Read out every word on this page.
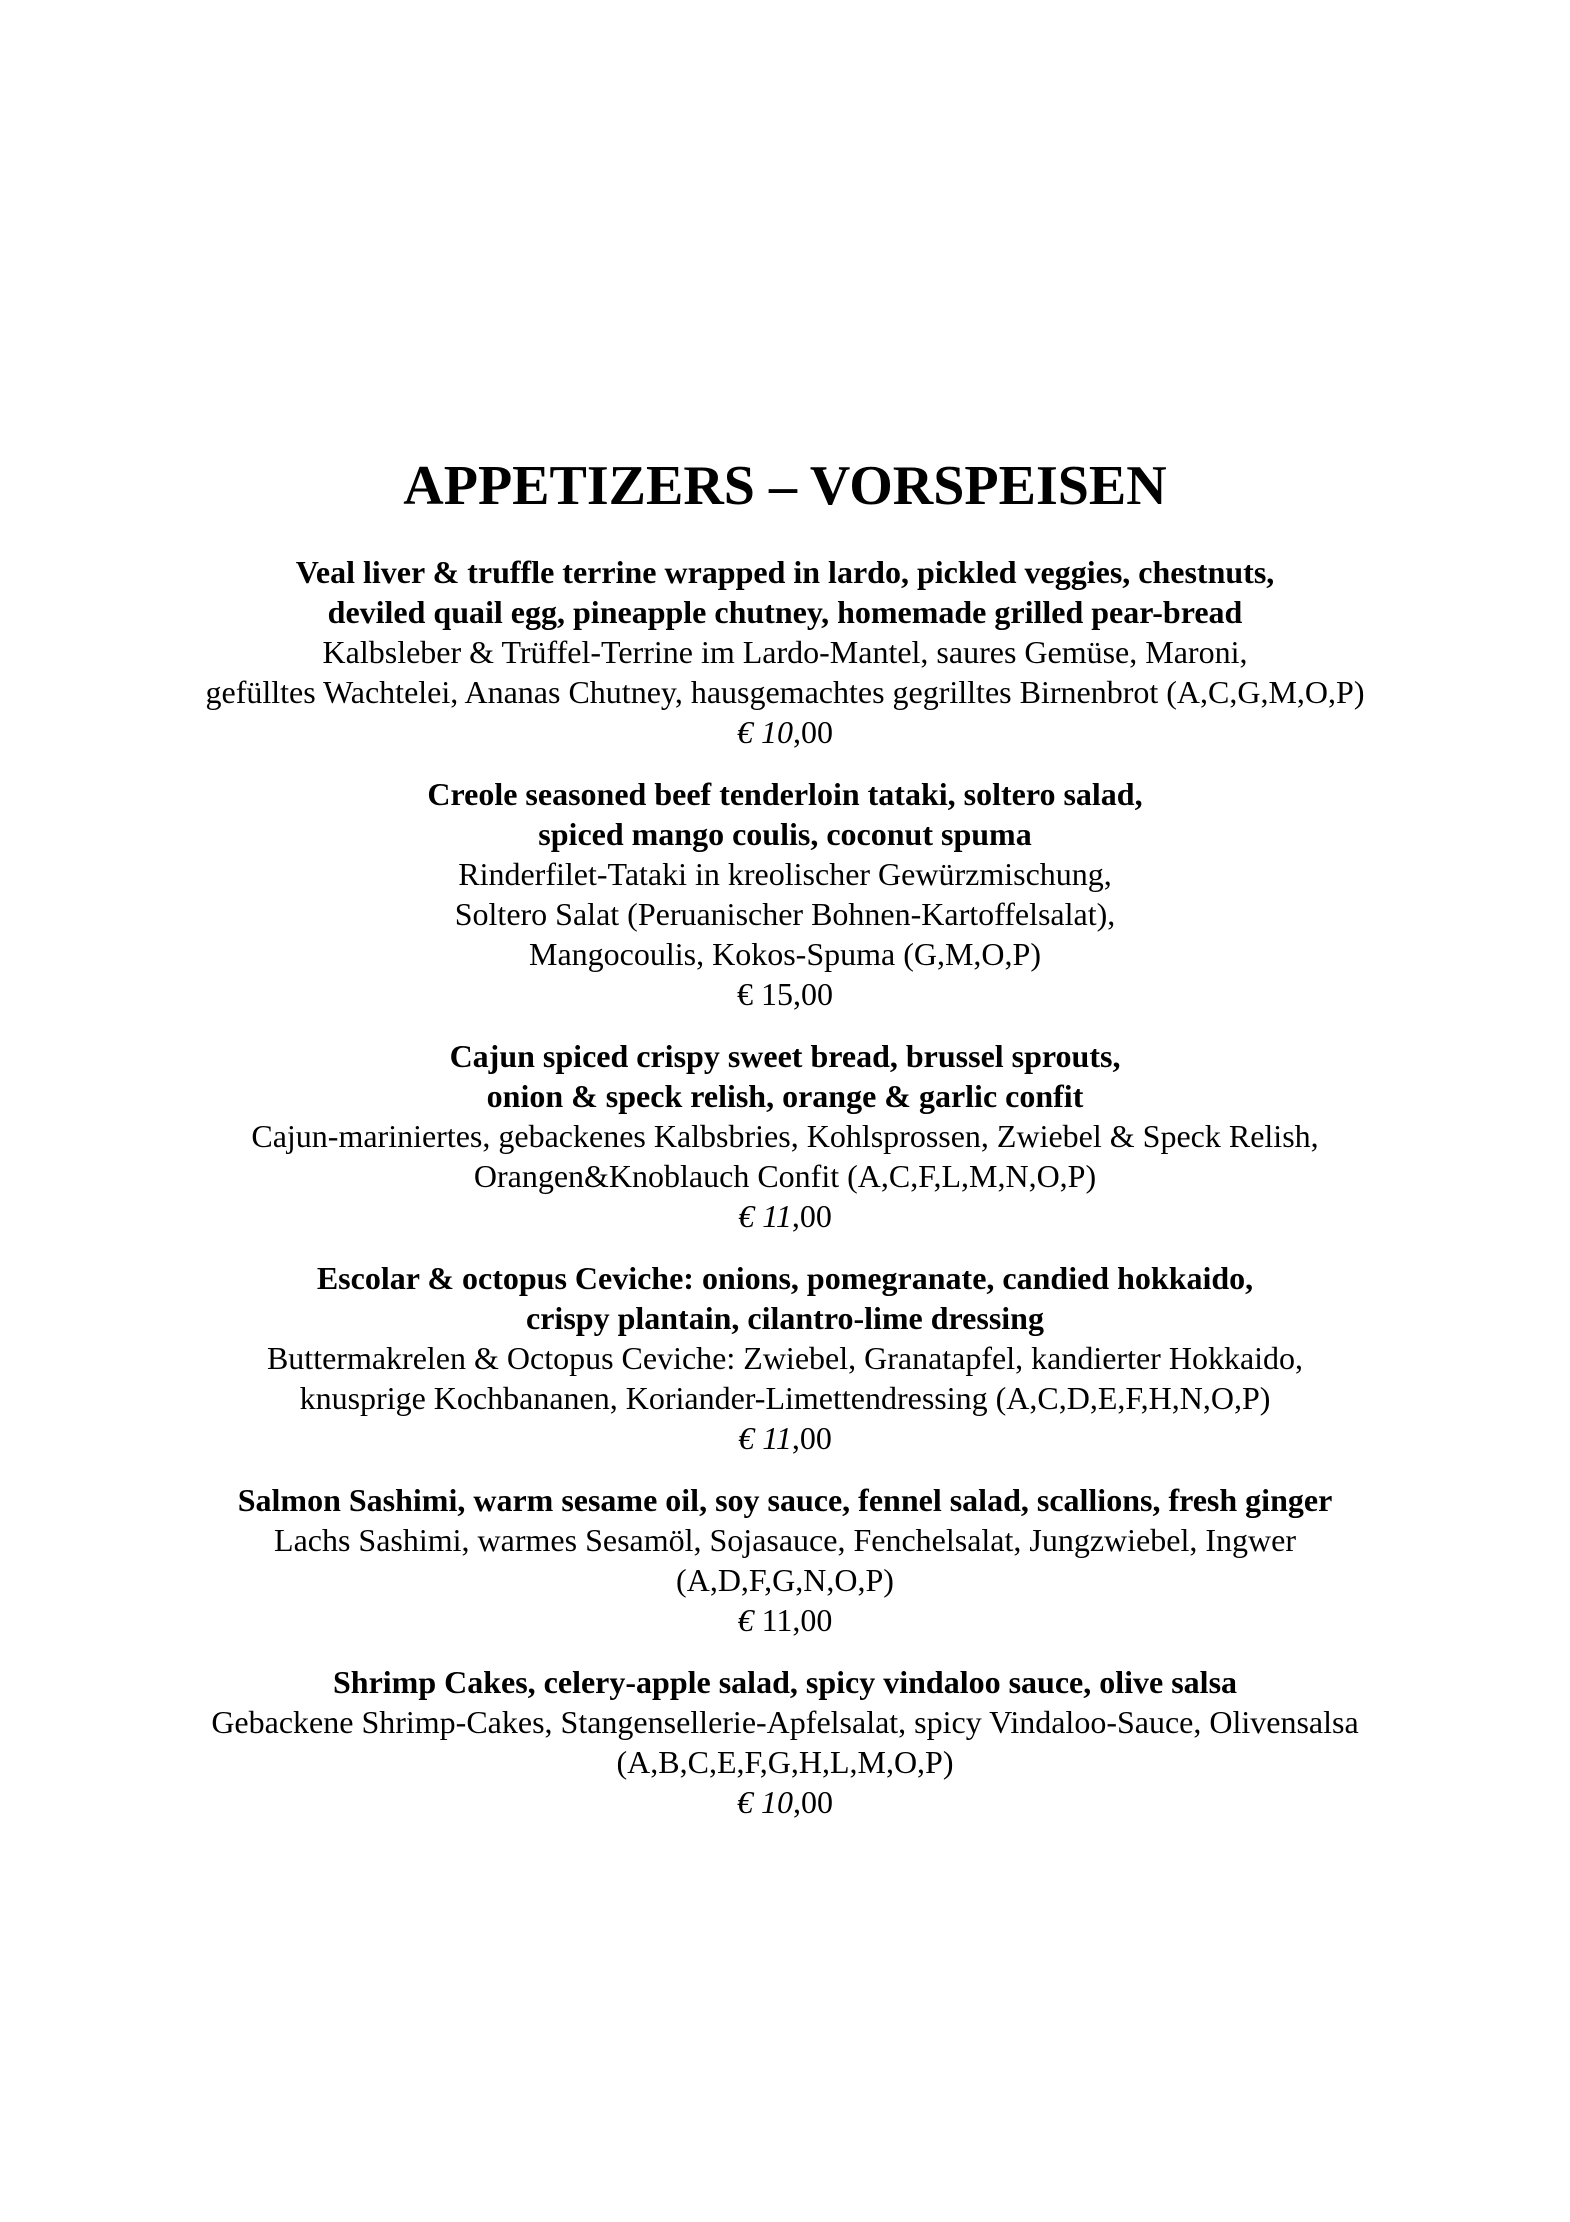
APPETIZERS – VORSPEISEN
Veal liver & truffle terrine wrapped in lardo, pickled veggies, chestnuts,
deviled quail egg, pineapple chutney, homemade grilled pear-bread
Kalbsleber & Trüffel-Terrine im Lardo-Mantel, saures Gemüse, Maroni,
gefülltes Wachtelei, Ananas Chutney, hausgemachtes gegrilltes Birnenbrot (A,C,G,M,O,P)
€ 10,00
Creole seasoned beef tenderloin tataki, soltero salad,
spiced mango coulis, coconut spuma
Rinderfilet-Tataki in kreolischer Gewürzmischung,
Soltero Salat (Peruanischer Bohnen-Kartoffelsalat),
Mangocoulis, Kokos-Spuma (G,M,O,P)
€ 15,00
Cajun spiced crispy sweet bread, brussel sprouts,
onion & speck relish, orange & garlic confit
Cajun-mariniertes, gebackenes Kalbsbries, Kohlsprossen, Zwiebel & Speck Relish,
Orangen&Knoblauch Confit (A,C,F,L,M,N,O,P)
€ 11,00
Escolar & octopus Ceviche: onions, pomegranate, candied hokkaido,
crispy plantain, cilantro-lime dressing
Buttermakrelen & Octopus Ceviche: Zwiebel, Granatapfel, kandierter Hokkaido,
knusprige Kochbananen, Koriander-Limettendressing (A,C,D,E,F,H,N,O,P)
€ 11,00
Salmon Sashimi, warm sesame oil, soy sauce, fennel salad, scallions, fresh ginger
Lachs Sashimi, warmes Sesamöl, Sojasauce, Fenchelsalat, Jungzwiebel, Ingwer
(A,D,F,G,N,O,P)
€ 11,00
Shrimp Cakes, celery-apple salad, spicy vindaloo sauce, olive salsa
Gebackene Shrimp-Cakes, Stangensellerie-Apfelsalat, spicy Vindaloo-Sauce, Olivensalsa
(A,B,C,E,F,G,H,L,M,O,P)
€ 10,00
